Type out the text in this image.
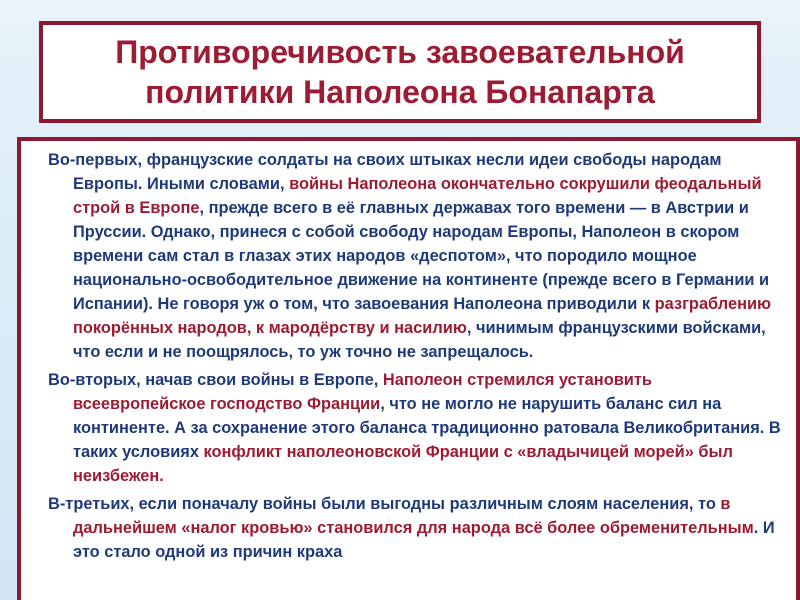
Противоречивость завоевательной
политики Наполеона Бонапарта

Во-первых, французские солдаты на своих штыках несли идеи свободы народам Европы. Иными словами, войны Наполеона окончательно сокрушили феодальный строй в Европе, прежде всего в её главных державах того времени — в Австрии и Пруссии. Однако, принеся с собой свободу народам Европы, Наполеон в скором времени сам стал в глазах этих народов «деспотом», что породило мощное национально-освободительное движение на континенте (прежде всего в Германии и Испании). Не говоря уж о том, что завоевания Наполеона приводили к разграблению покорённых народов, к мародёрству и насилию, чинимым французскими войсками, что если и не поощрялось, то уж точно не запрещалось.

Во-вторых, начав свои войны в Европе, Наполеон стремился установить всеевропейское господство Франции, что не могло не нарушить баланс сил на континенте. А за сохранение этого баланса традиционно ратовала Великобритания. В таких условиях конфликт наполеоновской Франции с «владычицей морей» был неизбежен.

В-третьих, если поначалу войны были выгодны различным слоям населения, то в дальнейшем «налог кровью» становился для народа всё более обременительным. И это стало одной из причин краха
